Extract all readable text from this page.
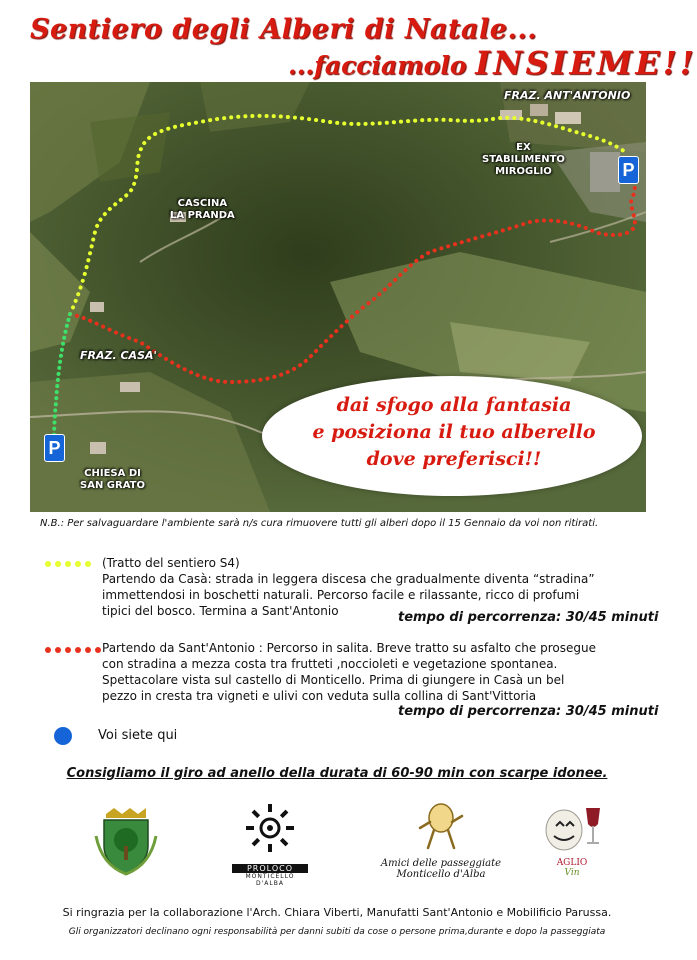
Sentiero degli Alberi di Natale...
...facciamolo INSIEME!!
FRAZ. ANT'ANTONIO
EX
STABILIMENTO
MIROGLIO
CASCINA
LA PRANDA
FRAZ. CASA'
CHIESA DI
SAN GRATO
P
P
dai sfogo alla fantasia
e posiziona il tuo alberello
dove preferisci!!
N.B.: Per salvaguardare l'ambiente sarà n/s cura rimuovere tutti gli alberi dopo il 15 Gennaio da voi non ritirati.
(Tratto del sentiero S4)
Partendo da Casà: strada in leggera discesa che gradualmente diventa “stradina”
immettendosi in boschetti naturali. Percorso facile e rilassante, ricco di profumi
tipici del bosco. Termina a Sant'Antonio	tempo di percorrenza: 30/45 minuti
Partendo da Sant'Antonio : Percorso in salita. Breve tratto su asfalto che prosegue
con stradina a mezza costa tra frutteti ,noccioleti e vegetazione spontanea.
Spettacolare vista sul castello di Monticello. Prima di giungere in Casà un bel
pezzo in cresta tra vigneti e ulivi con veduta sulla collina di Sant'Vittoria
tempo di percorrenza: 30/45 minuti
Voi siete qui
Consigliamo il giro ad anello della durata di 60-90 min con scarpe idonee.
PROLOCO
MONTICELLO
D'ALBA
Amici delle passeggiate
Monticello d'Alba
AGLIO
Vin
Si ringrazia per la collaborazione l'Arch. Chiara Viberti, Manufatti Sant'Antonio e Mobilificio Parussa.
Gli organizzatori declinano ogni responsabilità per danni subiti da cose o persone prima,durante e dopo la passeggiata
